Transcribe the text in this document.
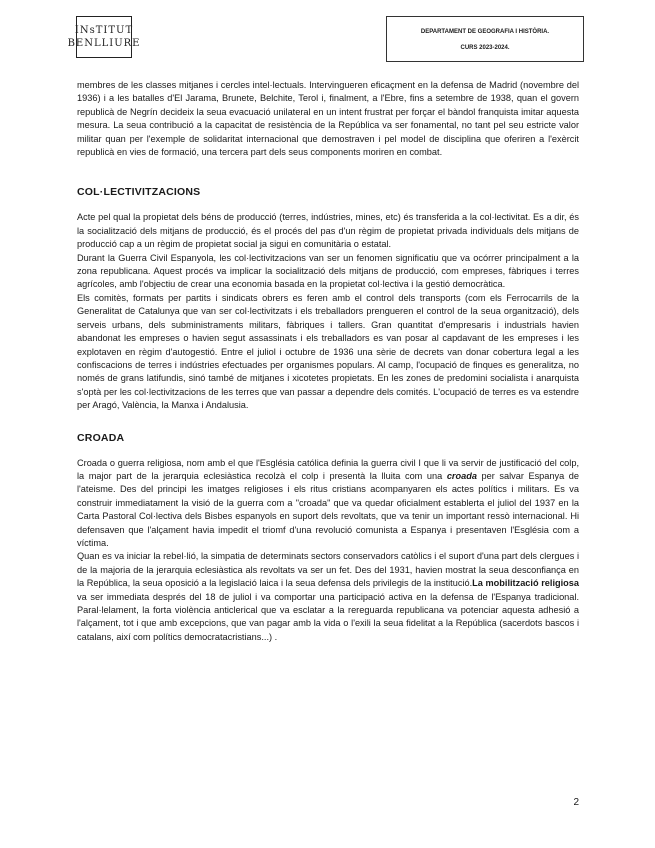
INsTITUT
BENLLIURE
DEPARTAMENT DE GEOGRAFIA I HISTÒRIA.
CURS 2023-2024.

membres de les classes mitjanes i cercles intel·lectuals. Intervingueren eficaçment en la defensa de Madrid (novembre del 1936) i a les batalles d'El Jarama, Brunete, Belchite, Terol i, finalment, a l'Ebre, fins a setembre de 1938, quan el govern republicà de Negrín decideix la seua evacuació unilateral en un intent frustrat per forçar el bàndol franquista imitar aquesta mesura. La seua contribució a la capacitat de resistència de la República va ser fonamental, no tant pel seu estricte valor militar quan per l'exemple de solidaritat internacional que demostraven i pel model de disciplina que oferiren a l'exèrcit republicà en vies de formació, una tercera part dels seus components moriren en combat.

COL·LECTIVITZACIONS

Acte pel qual la propietat dels béns de producció (terres, indústries, mines, etc) és transferida a la col·lectivitat. Es a dir, és la socialització dels mitjans de producció, és el procés del pas d'un règim de propietat privada individuals dels mitjans de producció cap a un règim de propietat social ja sigui en comunitària o estatal.

Durant la Guerra Civil Espanyola, les col·lectivitzacions van ser un fenomen significatiu que va ocórrer principalment a la zona republicana. Aquest procés va implicar la socialització dels mitjans de producció, com empreses, fàbriques i terres agrícoles, amb l'objectiu de crear una economia basada en la propietat col·lectiva i la gestió democràtica.

Els comitès, formats per partits i sindicats obrers es feren amb el control dels transports (com els Ferrocarrils de la Generalitat de Catalunya que van ser col·lectivitzats i els treballadors prengueren el control de la seua organització), dels serveis urbans, dels subministraments militars, fàbriques i tallers. Gran quantitat d'empresaris i industrials havien abandonat les empreses o havien segut assassinats i els treballadors es van posar al capdavant de les empreses i les explotaven en règim d'autogestió. Entre el juliol i octubre de 1936 una sèrie de decrets van donar cobertura legal a les confiscacions de terres i indústries efectuades per organismes populars. Al camp, l'ocupació de finques es generalitza, no només de grans latifundis, sinó també de mitjanes i xicotetes propietats. En les zones de predomini socialista i anarquista s'optà per les col·lectivitzacions de les terres que van passar a dependre dels comités. L'ocupació de terres es va estendre per Aragó, València, la Manxa i Andalusia.

CROADA

Croada o guerra religiosa, nom amb el que l'Església católica definia la guerra civil I que li va servir de justificació del colp, la major part de la jerarquia eclesiàstica recolzà el colp i presentà la lluita com una croada per salvar Espanya de l'ateisme. Des del principi les imatges religioses i els ritus cristians acompanyaren els actes polítics i militars. Es va construir immediatament la visió de la guerra com a "croada" que va quedar oficialment establerta el juliol del 1937 en la Carta Pastoral Col·lectiva dels Bisbes espanyols en suport dels revoltats, que va tenir un important ressò internacional. Hi defensaven que l'alçament havia impedit el triomf d'una revolució comunista a Espanya i presentaven l'Església com a víctima.

Quan es va iniciar la rebel·lió, la simpatia de determinats sectors conservadors catòlics i el suport d'una part dels clergues i de la majoria de la jerarquia eclesiàstica als revoltats va ser un fet. Des del 1931, havien mostrat la seua desconfiança en la República, la seua oposició a la legislació laica i la seua defensa dels privilegis de la institució.La mobilització religiosa va ser immediata després del 18 de juliol i va comportar una participació activa en la defensa de l'Espanya tradicional. Paral·lelament, la forta violència anticlerical que va esclatar a la rereguarda republicana va potenciar aquesta adhesió a l'alçament, tot i que amb excepcions, que van pagar amb la vida o l'exili la seua fidelitat a la República (sacerdots bascos i catalans, així com polítics democratacristians...) .

2
